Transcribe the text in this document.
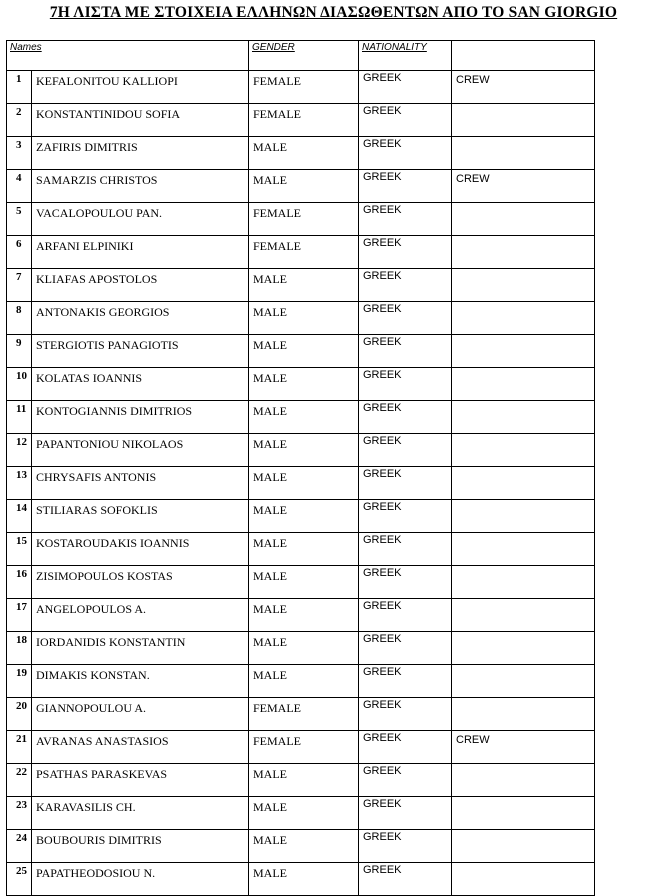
7Η ΛΙΣΤΑ ΜΕ ΣΤΟΙΧΕΙΑ ΕΛΛΗΝΩΝ ΔΙΑΣΩΘΕΝΤΩΝ ΑΠΟ ΤΟ SAN GIORGIO
Names		GENDER	NATIONALITY	
1	KEFALONITOU KALLIOPI	FEMALE	GREEK	CREW
2	KONSTANTINIDOU SOFIA	FEMALE	GREEK	
3	ZAFIRIS DIMITRIS	MALE	GREEK	
4	SAMARZIS CHRISTOS	MALE	GREEK	CREW
5	VACALOPOULOU PAN.	FEMALE	GREEK	
6	ARFANI ELPINIKI	FEMALE	GREEK	
7	KLIAFAS APOSTOLOS	MALE	GREEK	
8	ANTONAKIS GEORGIOS	MALE	GREEK	
9	STERGIOTIS PANAGIOTIS	MALE	GREEK	
10	KOLATAS IOANNIS	MALE	GREEK	
11	KONTOGIANNIS DIMITRIOS	MALE	GREEK	
12	PAPANTONIOU NIKOLAOS	MALE	GREEK	
13	CHRYSAFIS ANTONIS	MALE	GREEK	
14	STILIARAS SOFOKLIS	MALE	GREEK	
15	KOSTAROUDAKIS IOANNIS	MALE	GREEK	
16	ZISIMOPOULOS KOSTAS	MALE	GREEK	
17	ANGELOPOULOS A.	MALE	GREEK	
18	IORDANIDIS KONSTANTIN	MALE	GREEK	
19	DIMAKIS KONSTAN.	MALE	GREEK	
20	GIANNOPOULOU A.	FEMALE	GREEK	
21	AVRANAS ANASTASIOS	FEMALE	GREEK	CREW
22	PSATHAS PARASKEVAS	MALE	GREEK	
23	KARAVASILIS CH.	MALE	GREEK	
24	BOUBOURIS DIMITRIS	MALE	GREEK	
25	PAPATHEODOSIOU N.	MALE	GREEK	
